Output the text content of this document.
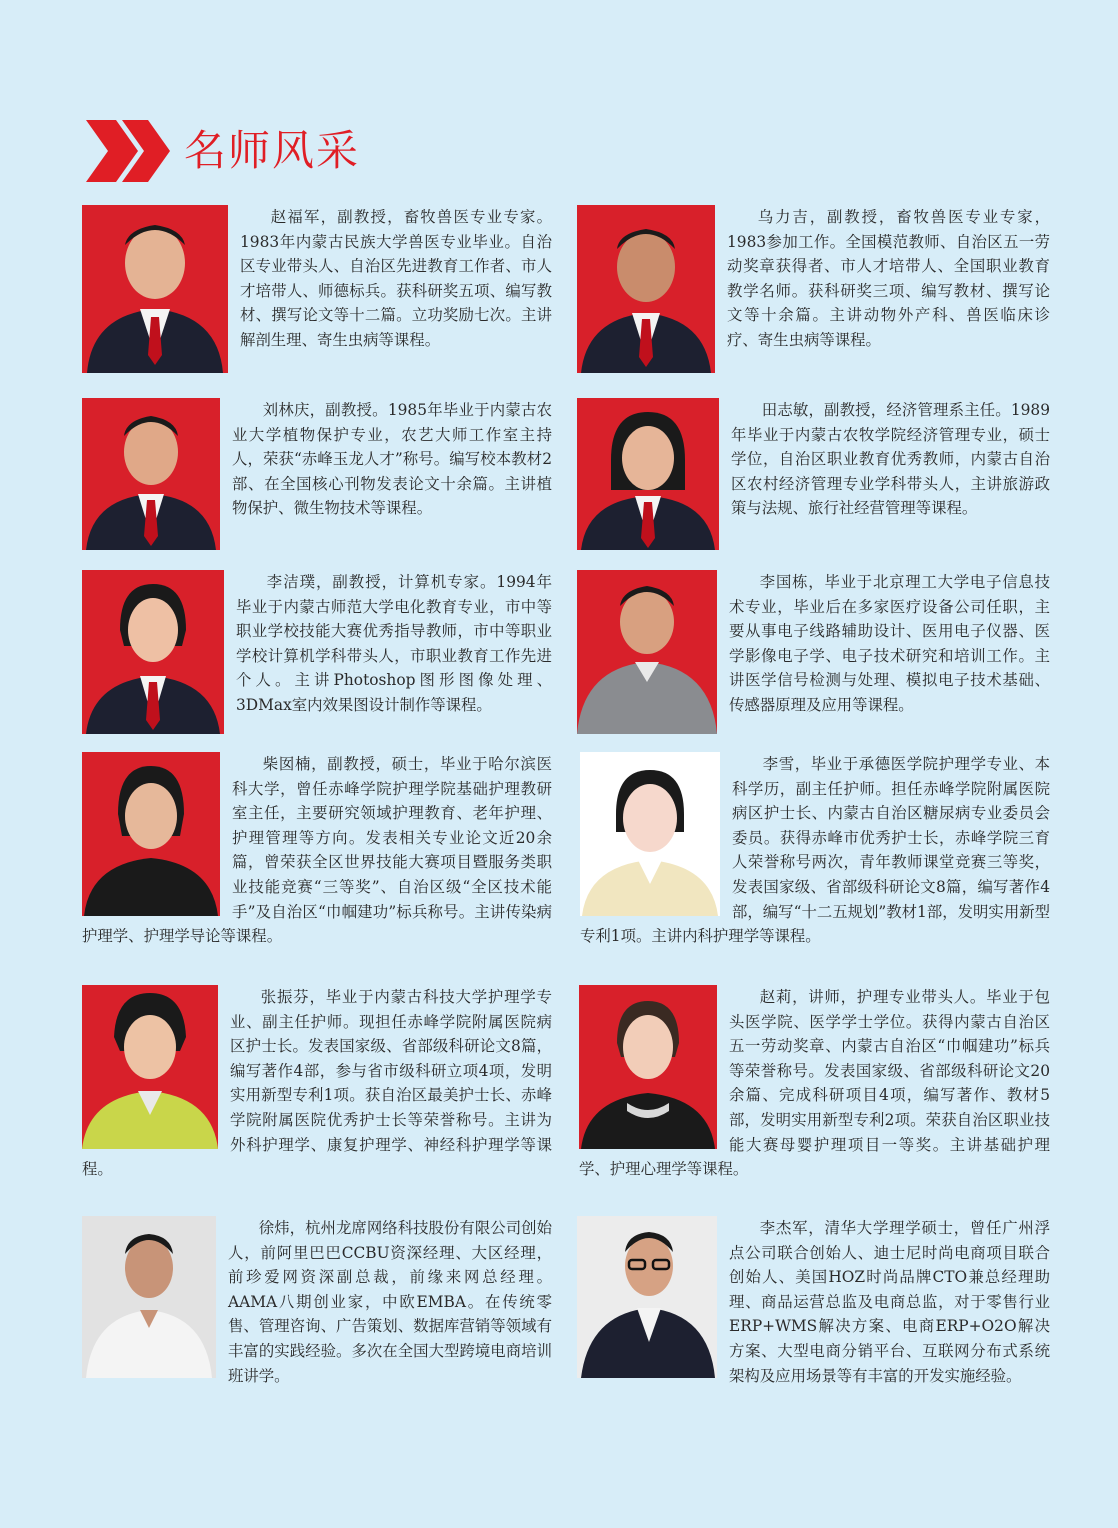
名师风采
赵福军，副教授，畜牧兽医专业专家。1983年内蒙古民族大学兽医专业毕业。自治区专业带头人、自治区先进教育工作者、市人才培带人、师德标兵。获科研奖五项、编写教材、撰写论文等十二篇。立功奖励七次。主讲解剖生理、寄生虫病等课程。
乌力吉，副教授，畜牧兽医专业专家，1983参加工作。全国模范教师、自治区五一劳动奖章获得者、市人才培带人、全国职业教育教学名师。获科研奖三项、编写教材、撰写论文等十余篇。主讲动物外产科、兽医临床诊疗、寄生虫病等课程。
刘林庆，副教授。1985年毕业于内蒙古农业大学植物保护专业，农艺大师工作室主持人，荣获“赤峰玉龙人才”称号。编写校本教材2部、在全国核心刊物发表论文十余篇。主讲植物保护、微生物技术等课程。
田志敏，副教授，经济管理系主任。1989年毕业于内蒙古农牧学院经济管理专业，硕士学位，自治区职业教育优秀教师，内蒙古自治区农村经济管理专业学科带头人，主讲旅游政策与法规、旅行社经营管理等课程。
李洁璞，副教授，计算机专家。1994年毕业于内蒙古师范大学电化教育专业，市中等职业学校技能大赛优秀指导教师，市中等职业学校计算机学科带头人，市职业教育工作先进个人。主讲Photoshop图形图像处理、3DMax室内效果图设计制作等课程。
李国栋，毕业于北京理工大学电子信息技术专业，毕业后在多家医疗设备公司任职，主要从事电子线路辅助设计、医用电子仪器、医学影像电子学、电子技术研究和培训工作。主讲医学信号检测与处理、模拟电子技术基础、传感器原理及应用等课程。
柴囡楠，副教授，硕士，毕业于哈尔滨医科大学，曾任赤峰学院护理学院基础护理教研室主任，主要研究领域护理教育、老年护理、护理管理等方向。发表相关专业论文近20余篇，曾荣获全区世界技能大赛项目暨服务类职业技能竞赛“三等奖”、自治区级“全区技术能手”及自治区“巾帼建功”标兵称号。主讲传染病护理学、护理学导论等课程。
李雪，毕业于承德医学院护理学专业、本科学历，副主任护师。担任赤峰学院附属医院病区护士长、内蒙古自治区糖尿病专业委员会委员。获得赤峰市优秀护士长，赤峰学院三育人荣誉称号两次，青年教师课堂竞赛三等奖，发表国家级、省部级科研论文8篇，编写著作4部，编写“十二五规划”教材1部，发明实用新型专利1项。主讲内科护理学等课程。
张振芬，毕业于内蒙古科技大学护理学专业、副主任护师。现担任赤峰学院附属医院病区护士长。发表国家级、省部级科研论文8篇，编写著作4部，参与省市级科研立项4项，发明实用新型专利1项。获自治区最美护士长、赤峰学院附属医院优秀护士长等荣誉称号。主讲为外科护理学、康复护理学、神经科护理学等课程。
赵莉，讲师，护理专业带头人。毕业于包头医学院、医学学士学位。获得内蒙古自治区五一劳动奖章、内蒙古自治区“巾帼建功”标兵等荣誉称号。发表国家级、省部级科研论文20余篇、完成科研项目4项，编写著作、教材5部，发明实用新型专利2项。荣获自治区职业技能大赛母婴护理项目一等奖。主讲基础护理学、护理心理学等课程。
徐炜，杭州龙席网络科技股份有限公司创始人，前阿里巴巴CCBU资深经理、大区经理，前珍爱网资深副总裁，前缘来网总经理。AAMA八期创业家，中欧EMBA。在传统零售、管理咨询、广告策划、数据库营销等领域有丰富的实践经验。多次在全国大型跨境电商培训班讲学。
李杰军，清华大学理学硕士，曾任广州浮点公司联合创始人、迪士尼时尚电商项目联合创始人、美国HOZ时尚品牌CTO兼总经理助理、商品运营总监及电商总监，对于零售行业ERP+WMS解决方案、电商ERP+O2O解决方案、大型电商分销平台、互联网分布式系统架构及应用场景等有丰富的开发实施经验。
